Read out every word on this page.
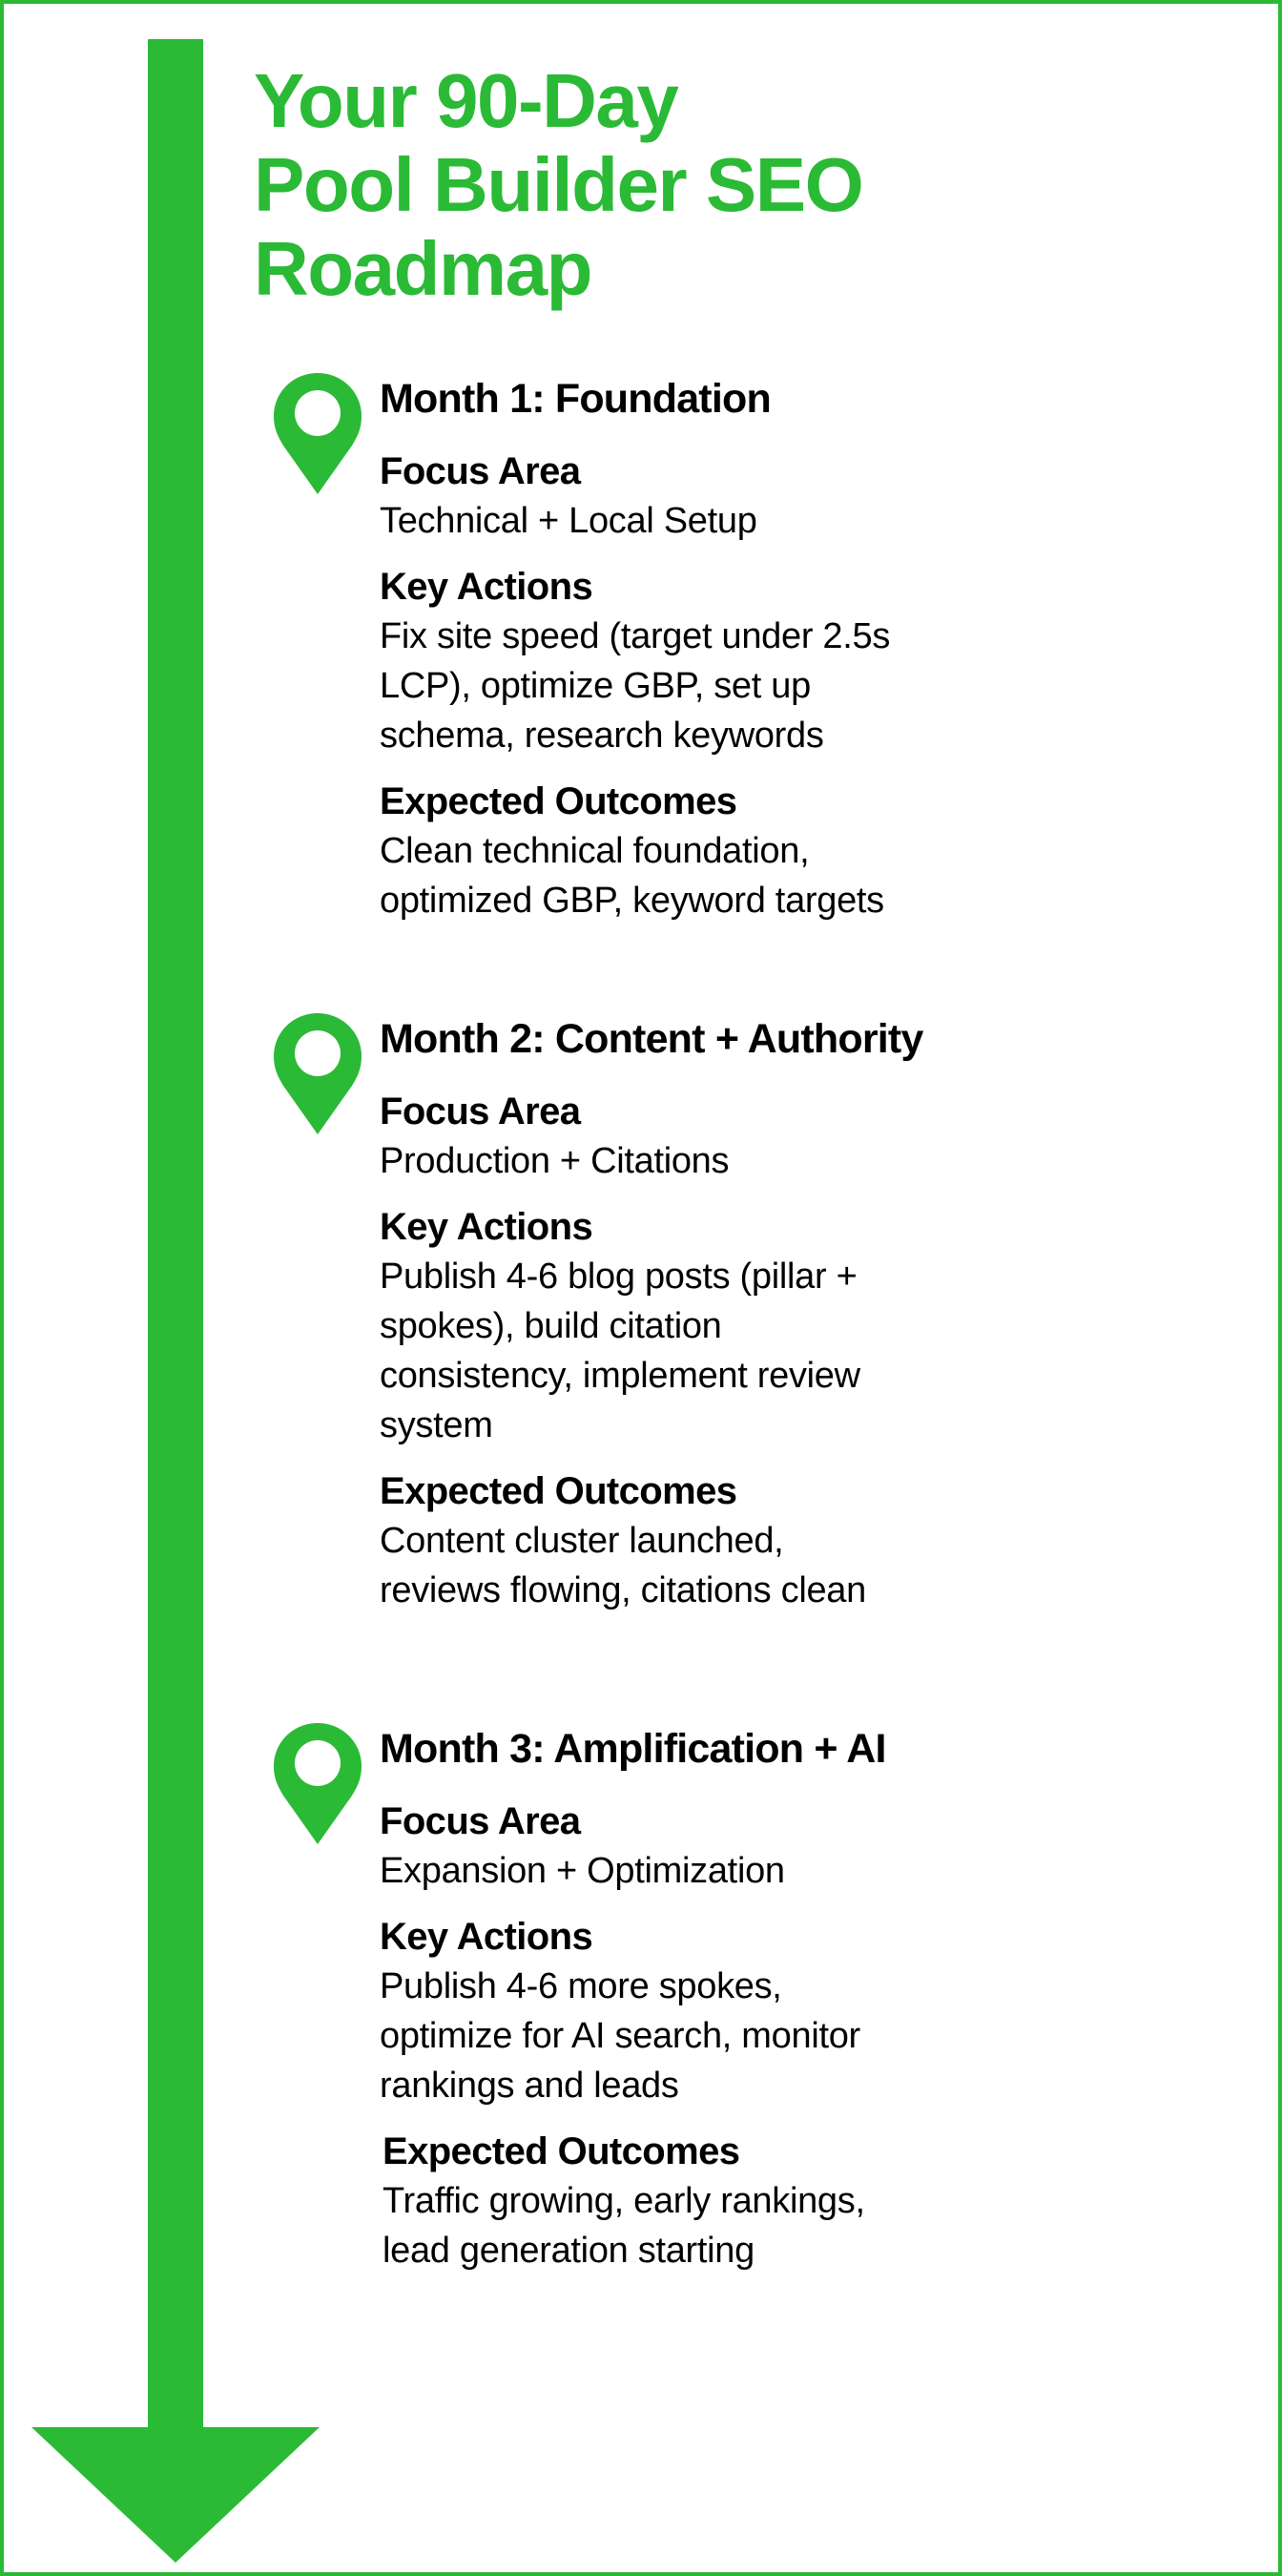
Your 90-Day
Pool Builder SEO
Roadmap
Month 1: Foundation
Focus Area

Technical + Local Setup

Key Actions

Fix site speed (target under 2.5s
LCP), optimize GBP, set up
schema, research keywords

Expected Outcomes

Clean technical foundation,
optimized GBP, keyword targets

Month 2: Content + Authority
Focus Area

Production + Citations

Key Actions

Publish 4-6 blog posts (pillar +
spokes), build citation
consistency, implement review
system

Expected Outcomes

Content cluster launched,
reviews flowing, citations clean

Month 3: Amplification + AI
Focus Area

Expansion + Optimization

Key Actions

Publish 4-6 more spokes,
optimize for AI search, monitor
rankings and leads

Expected Outcomes

Traffic growing, early rankings,
lead generation starting
